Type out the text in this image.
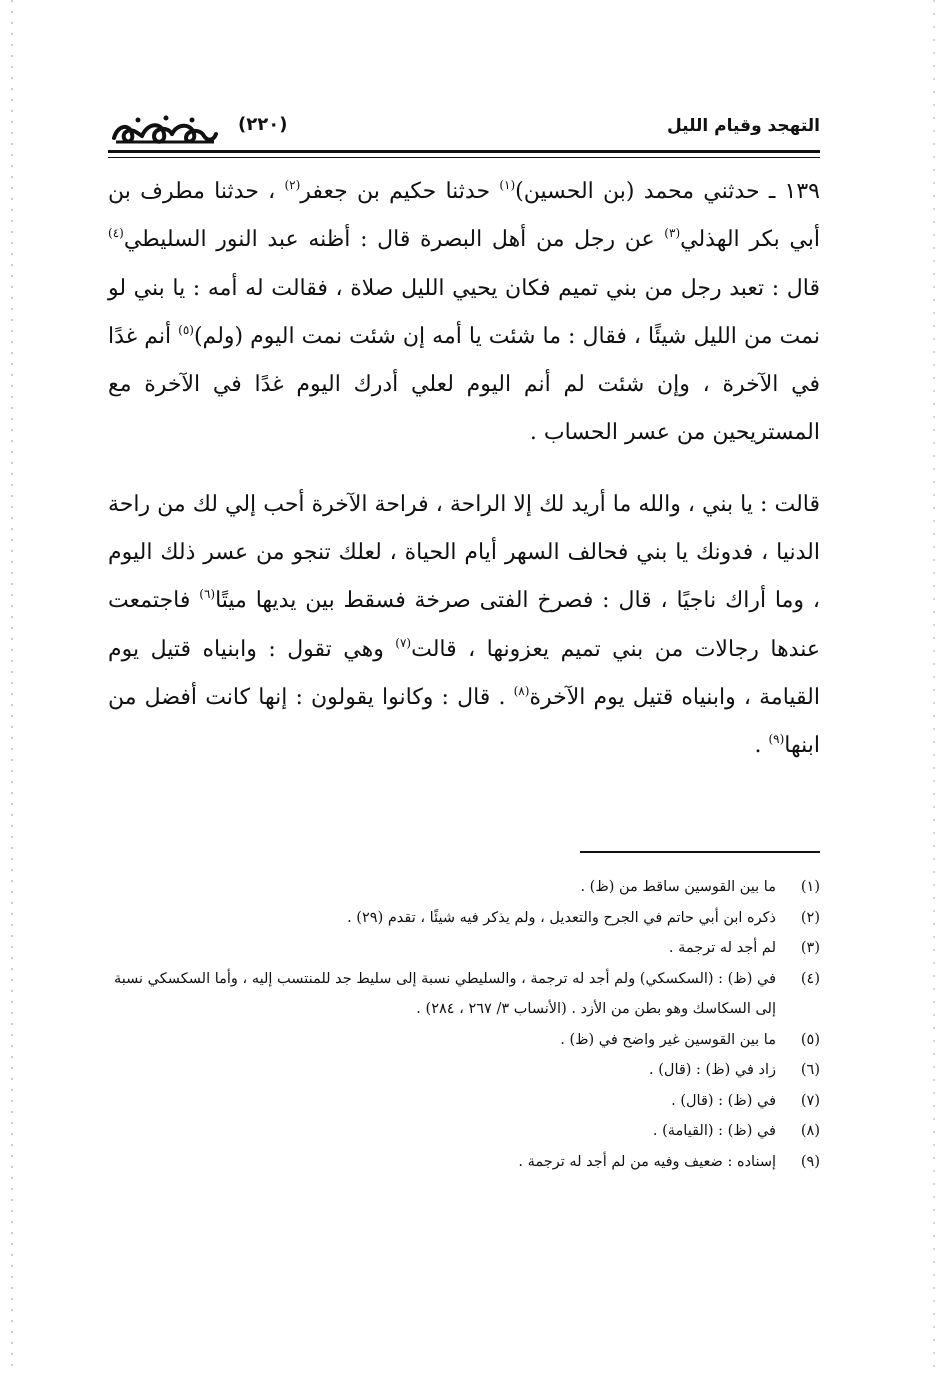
التهجد وقيام الليل
(٢٢٠)

١٣٩ ـ حدثني محمد (بن الحسين)$^{(١)}$ حدثنا حكيم بن جعفر$^{(٢)}$ ، حدثنا مطرف بن أبي بكر الهذلي$^{(٣)}$ عن رجل من أهل البصرة قال : أظنه عبد النور السليطي$^{(٤)}$ قال : تعبد رجل من بني تميم فكان يحيي الليل صلاة ، فقالت له أمه : يا بني لو نمت من الليل شيئًا ، فقال : ما شئت يا أمه إن شئت نمت اليوم (ولم)$^{(٥)}$ أنم غدًا في الآخرة ، وإن شئت لم أنم اليوم لعلي أدرك اليوم غدًا في الآخرة مع المستريحين من عسر الحساب .

قالت : يا بني ، والله ما أريد لك إلا الراحة ، فراحة الآخرة أحب إلي لك من راحة الدنيا ، فدونك يا بني فحالف السهر أيام الحياة ، لعلك تنجو من عسر ذلك اليوم ، وما أراك ناجيًا ، قال : فصرخ الفتى صرخة فسقط بين يديها ميتًا$^{(٦)}$ فاجتمعت عندها رجالات من بني تميم يعزونها ، قالت$^{(٧)}$ وهي تقول : وابنياه قتيل يوم القيامة ، وابنياه قتيل يوم الآخرة$^{(٨)}$ . قال : وكانوا يقولون : إنها كانت أفضل من ابنها$^{(٩)}$ .

(١)
ما بين القوسين ساقط من (ظ) .
(٢)
ذكره ابن أبي حاتم في الجرح والتعديل ، ولم يذكر فيه شيئًا ، تقدم (٢٩) .
(٣)
لم أجد له ترجمة .
(٤)
في (ظ) : (السكسكي) ولم أجد له ترجمة ، والسليطي نسبة إلى سليط جد للمنتسب إليه ، وأما السكسكي نسبة إلى السكاسك وهو بطن من الأزد . (الأنساب ٣/ ٢٦٧ ، ٢٨٤) .
(٥)
ما بين القوسين غير واضح في (ظ) .
(٦)
زاد في (ظ) : (قال) .
(٧)
في (ظ) : (قال) .
(٨)
في (ظ) : (القيامة) .
(٩)
إسناده : ضعيف وفيه من لم أجد له ترجمة .
